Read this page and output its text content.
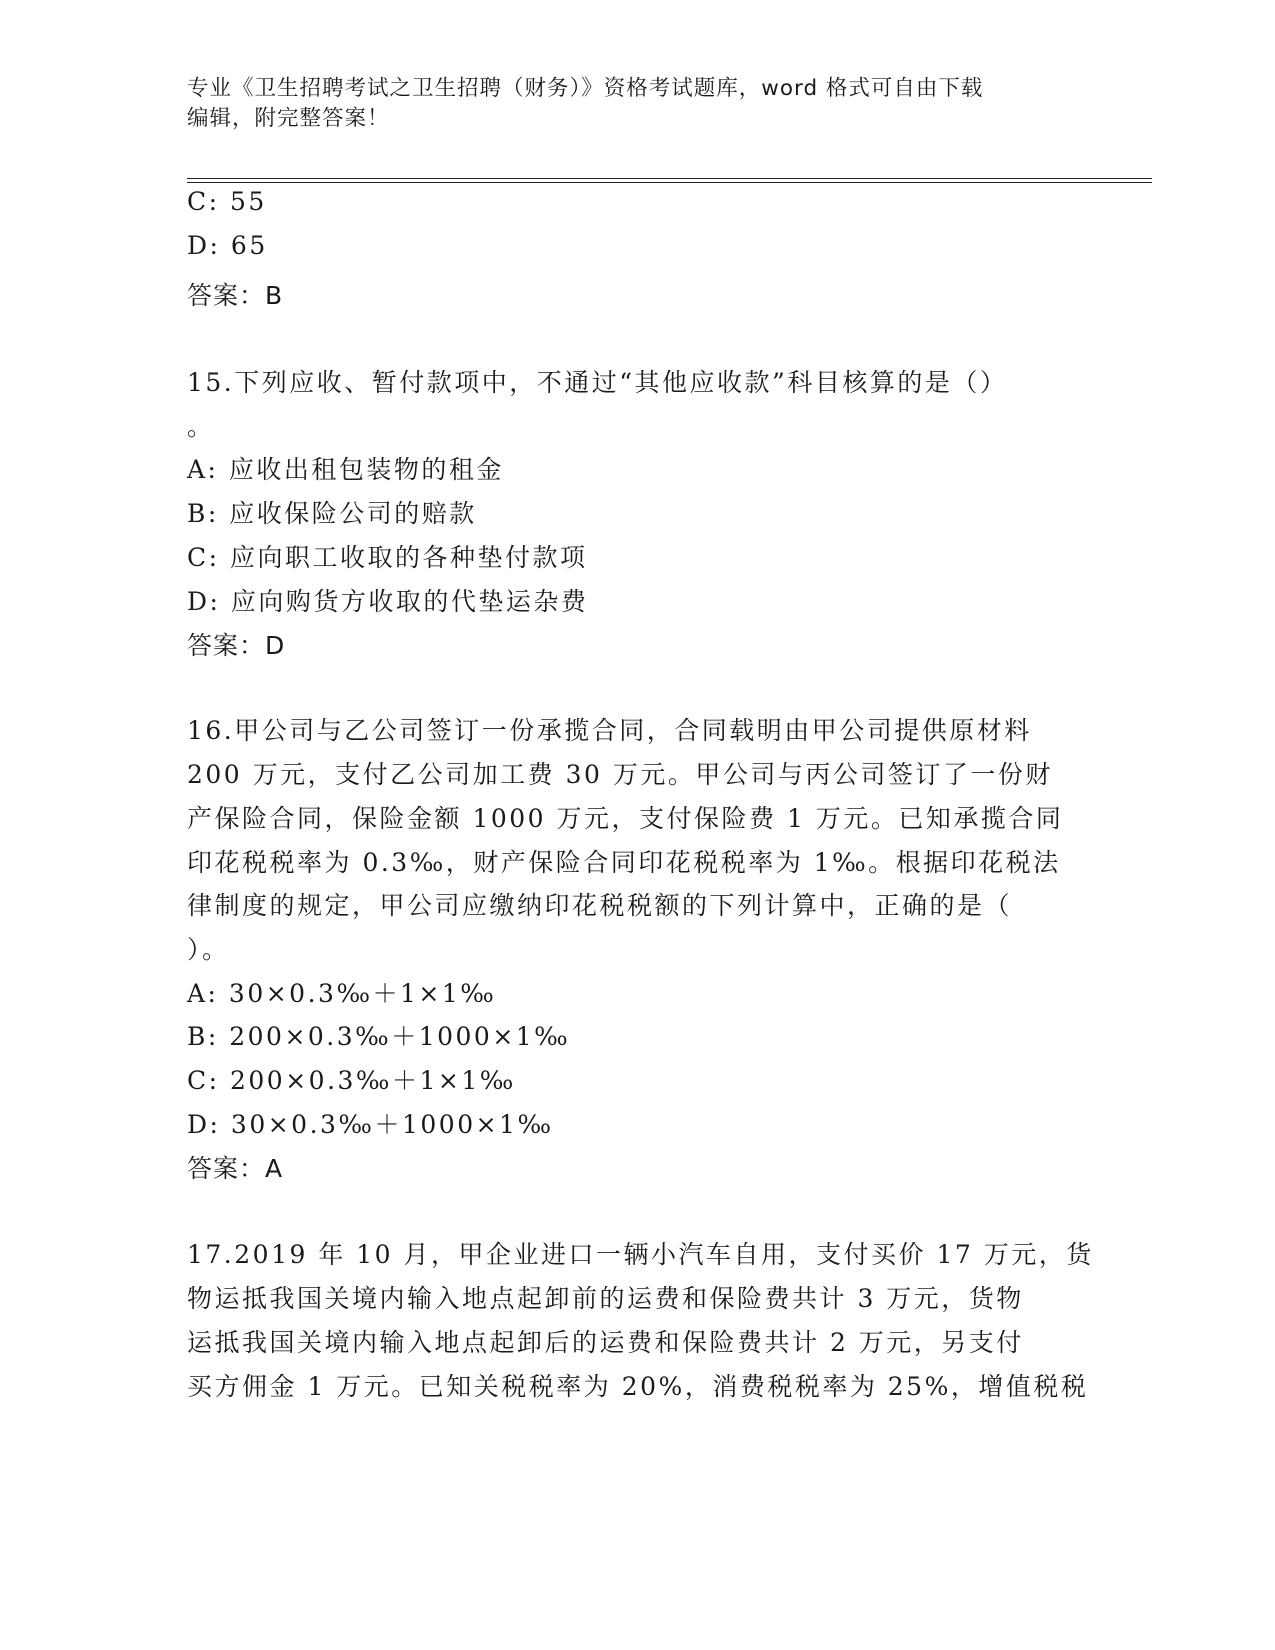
专业《卫生招聘考试之卫生招聘（财务）》资格考试题库，word 格式可自由下载
编辑，附完整答案！
C: 55
D: 65
答案：B
15.下列应收、暂付款项中，不通过“其他应收款”科目核算的是（）
。
A: 应收出租包装物的租金
B: 应收保险公司的赔款
C: 应向职工收取的各种垫付款项
D: 应向购货方收取的代垫运杂费
答案：D
16.甲公司与乙公司签订一份承揽合同，合同载明由甲公司提供原材料
200 万元，支付乙公司加工费 30 万元。甲公司与丙公司签订了一份财
产保险合同，保险金额 1000 万元，支付保险费 1 万元。已知承揽合同
印花税税率为 0.3‰，财产保险合同印花税税率为 1‰。根据印花税法
律制度的规定，甲公司应缴纳印花税税额的下列计算中，正确的是（
）。
A: 30×0.3‰＋1×1‰
B: 200×0.3‰＋1000×1‰
C: 200×0.3‰＋1×1‰
D: 30×0.3‰＋1000×1‰
答案：A
17.2019 年 10 月，甲企业进口一辆小汽车自用，支付买价 17 万元，货
物运抵我国关境内输入地点起卸前的运费和保险费共计 3 万元，货物
运抵我国关境内输入地点起卸后的运费和保险费共计 2 万元，另支付
买方佣金 1 万元。已知关税税率为 20%，消费税税率为 25%，增值税税
